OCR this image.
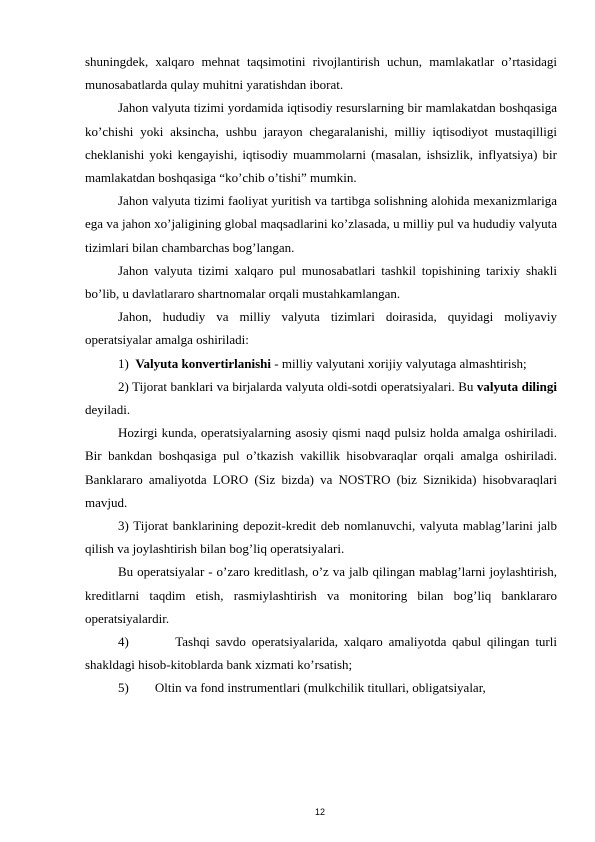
shuningdek, xalqaro mehnat taqsimotini rivojlantirish uchun, mamlakatlar o’rtasidagi munosabatlarda qulay muhitni yaratishdan iborat.

Jahon valyuta tizimi yordamida iqtisodiy resurslarning bir mamlakatdan boshqasiga ko’chishi yoki aksincha, ushbu jarayon chegaralanishi, milliy iqtisodiyot mustaqilligi cheklanishi yoki kengayishi, iqtisodiy muammolarni (masalan, ishsizlik, inflyatsiya) bir mamlakatdan boshqasiga “ko’chib o’tishi” mumkin.

Jahon valyuta tizimi faoliyat yuritish va tartibga solishning alohida mexanizmlariga ega va jahon xo’jaligining global maqsadlarini ko’zlasada, u milliy pul va hududiy valyuta tizimlari bilan chambarchas bog’langan.

Jahon valyuta tizimi xalqaro pul munosabatlari tashkil topishining tarixiy shakli bo’lib, u davlatlararo shartnomalar orqali mustahkamlangan.

Jahon, hududiy va milliy valyuta tizimlari doirasida, quyidagi moliyaviy operatsiyalar amalga oshiriladi:

1) Valyuta konvertirlanishi - milliy valyutani xorijiy valyutaga almashtirish;

2) Tijorat banklari va birjalarda valyuta oldi-sotdi operatsiyalari. Bu valyuta dilingi deyiladi.

Hozirgi kunda, operatsiyalarning asosiy qismi naqd pulsiz holda amalga oshiriladi. Bir bankdan boshqasiga pul o’tkazish vakillik hisobvaraqlar orqali amalga oshiriladi. Banklararo amaliyotda LORO (Siz bizda) va NOSTRO (biz Siznikida) hisobvaraqlari mavjud.

3) Tijorat banklarining depozit-kredit deb nomlanuvchi, valyuta mablag’larini jalb qilish va joylashtirish bilan bog’liq operatsiyalari.

Bu operatsiyalar - o’zaro kreditlash, o’z va jalb qilingan mablag’larni joylashtirish, kreditlarni taqdim etish, rasmiylashtirish va monitoring bilan bog’liq banklararo operatsiyalardir.

4)	Tashqi savdo operatsiyalarida, xalqaro amaliyotda qabul qilingan turli shakldagi hisob-kitoblarda bank xizmati ko’rsatish;

5) Oltin va fond instrumentlari (mulkchilik titullari, obligatsiyalar,

12
